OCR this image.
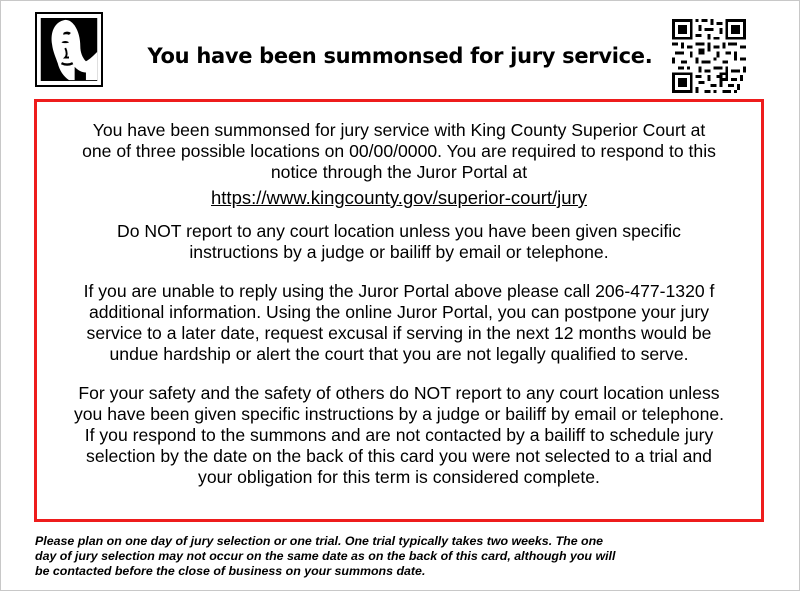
You have been summonsed for jury service.
You have been summonsed for jury service with King County Superior Court at
one of three possible locations on 00/00/0000. You are required to respond to this
notice through the Juror Portal at
https://www.kingcounty.gov/superior-court/jury
Do NOT report to any court location unless you have been given specific
instructions by a judge or bailiff by email or telephone.
If you are unable to reply using the Juror Portal above please call 206-477-1320 f
additional information. Using the online Juror Portal, you can postpone your jury
service to a later date, request excusal if serving in the next 12 months would be
undue hardship or alert the court that you are not legally qualified to serve.
For your safety and the safety of others do NOT report to any court location unless
you have been given specific instructions by a judge or bailiff by email or telephone.
If you respond to the summons and are not contacted by a bailiff to schedule jury
selection by the date on the back of this card you were not selected to a trial and
your obligation for this term is considered complete.
Please plan on one day of jury selection or one trial. One trial typically takes two weeks. The one
day of jury selection may not occur on the same date as on the back of this card, although you will
be contacted before the close of business on your summons date.
